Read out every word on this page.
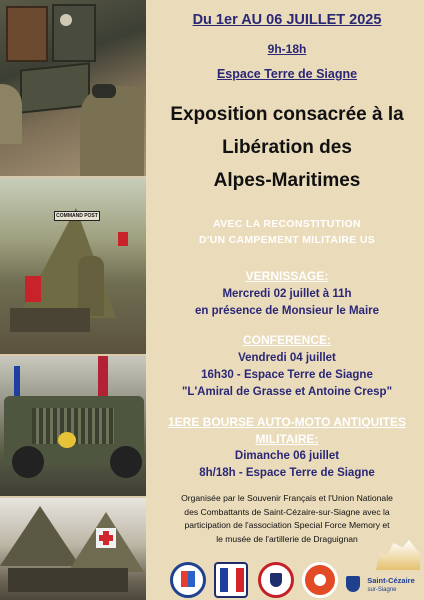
COMMAND POST
Du 1er AU 06 JUILLET 2025
9h-18h
Espace Terre de Siagne
Exposition consacrée à la
Libération des
Alpes-Maritimes
AVEC LA RECONSTITUTION
D'UN CAMPEMENT MILITAIRE US
VERNISSAGE:
Mercredi 02 juillet à 11h
en présence de Monsieur le Maire
CONFERENCE:
Vendredi 04 juillet
16h30 - Espace Terre de Siagne
"L'Amiral de Grasse et Antoine Cresp"
1ERE BOURSE AUTO-MOTO ANTIQUITES
MILITAIRE:
Dimanche 06 juillet
8h/18h - Espace Terre de Siagne
Organisée par le Souvenir Français et l'Union Nationale
des Combattants de Saint-Cézaire-sur-Siagne avec la
participation de l'association Special Force Memory et
le musée de l'artillerie de Draguignan
Saint-Cézaire
sur-Siagne
